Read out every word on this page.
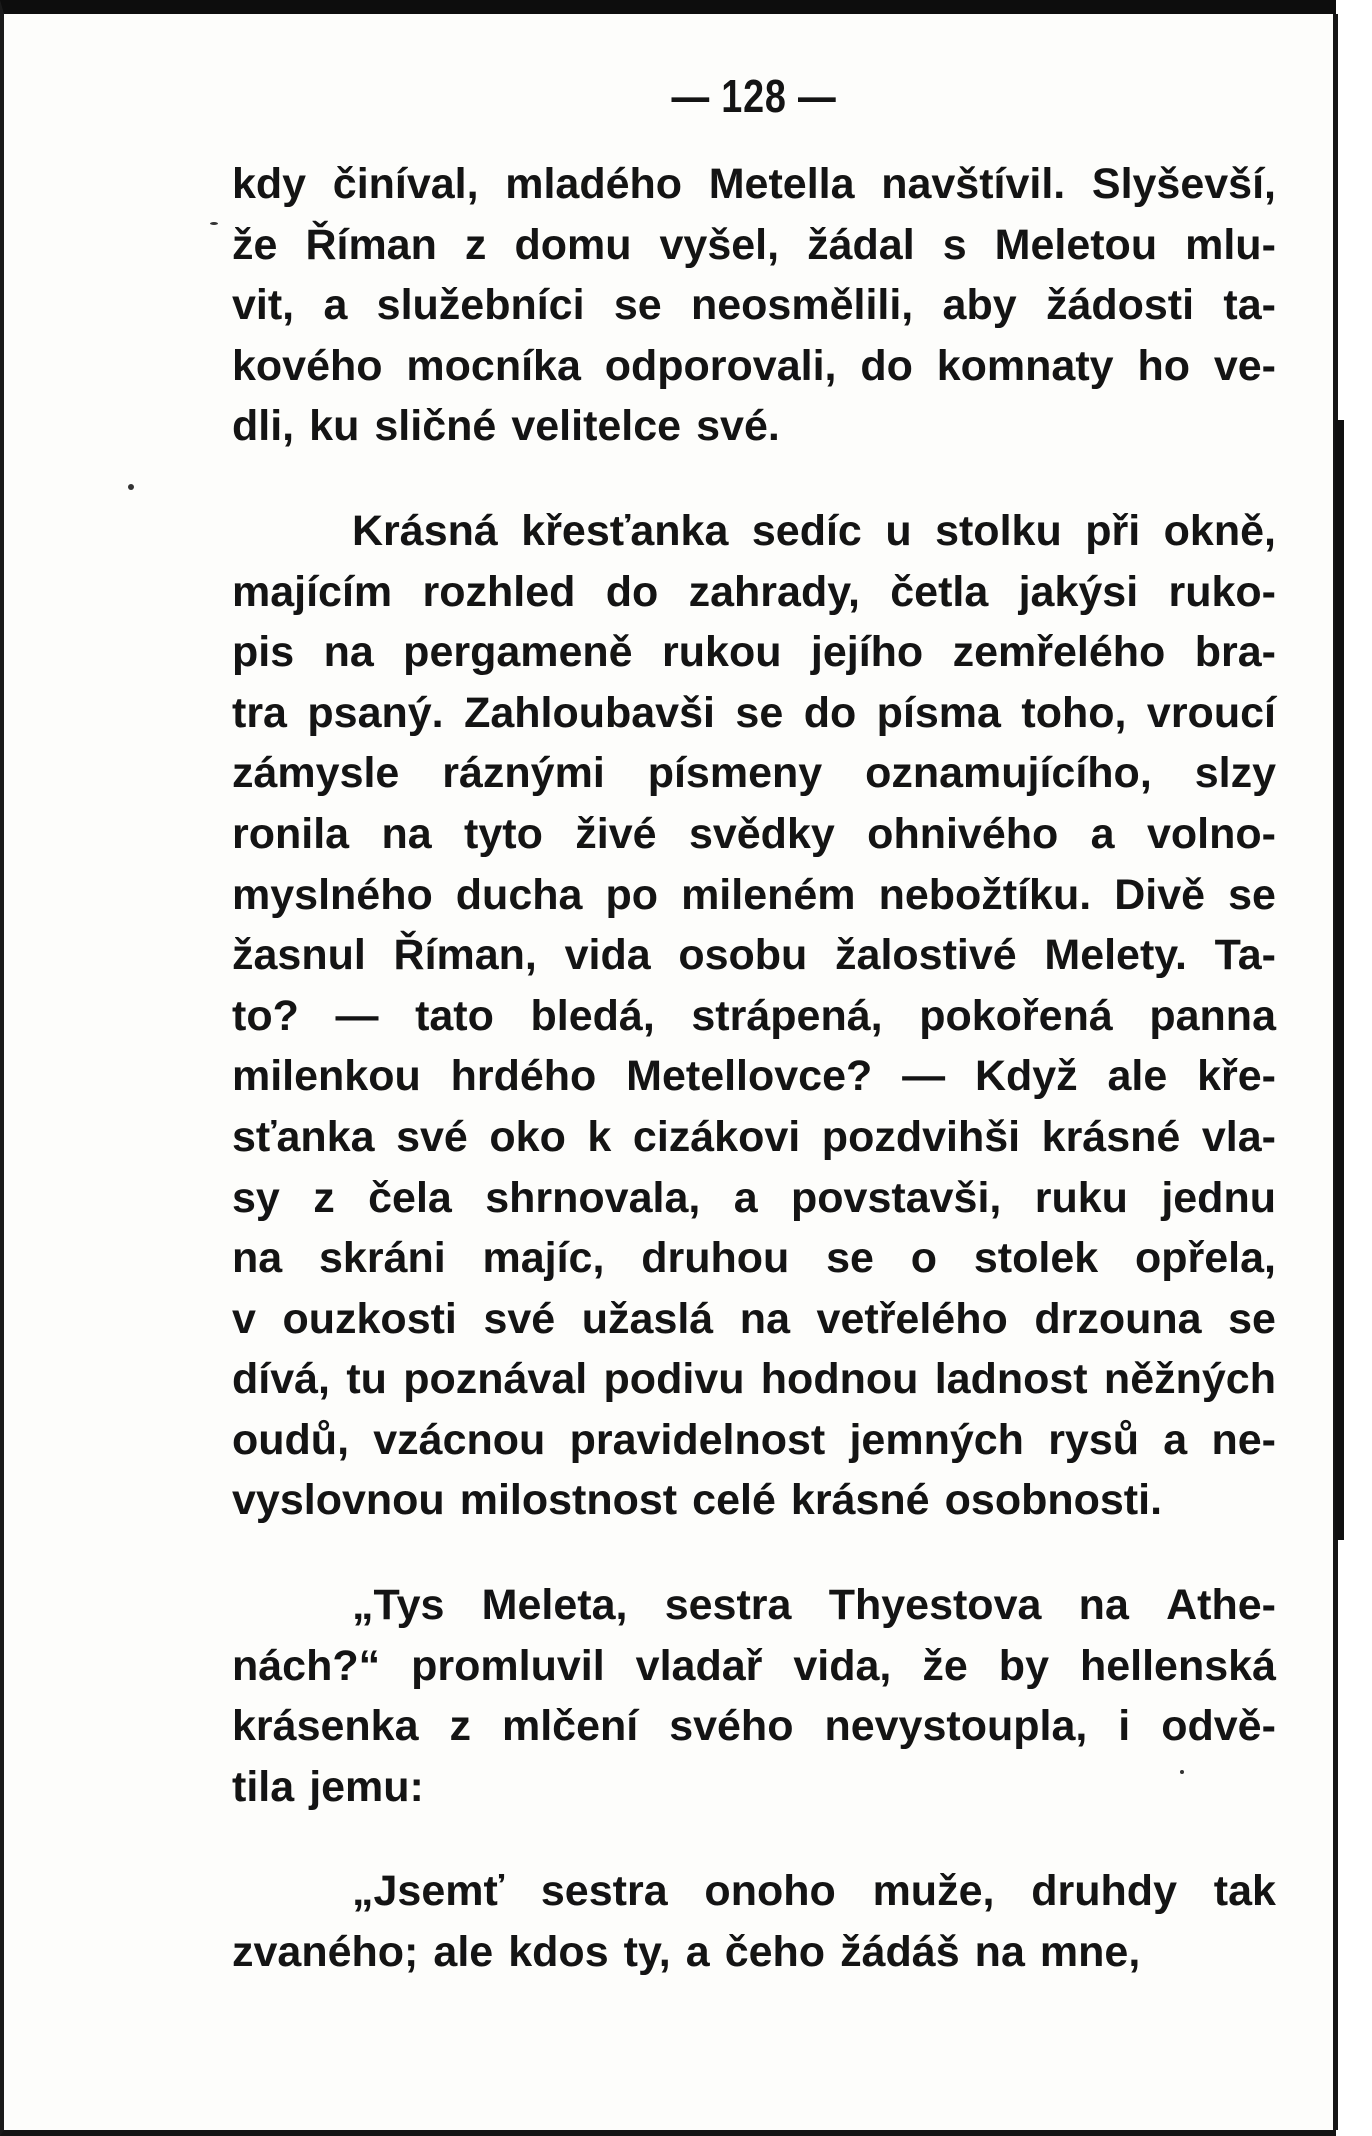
— 128 —
kdy činíval, mladého Metella navštívil. Slyševší,
že Říman z domu vyšel, žádal s Meletou mlu-
vit, a služebníci se neosmělili, aby žádosti ta-
kového mocníka odporovali, do komnaty ho ve-
dli, ku sličné velitelce své.
Krásná křesťanka sedíc u stolku při okně,
majícím rozhled do zahrady, četla jakýsi ruko-
pis na pergameně rukou jejího zemřelého bra-
tra psaný. Zahloubavši se do písma toho, vroucí
zámysle ráznými písmeny oznamujícího, slzy
ronila na tyto živé svědky ohnivého a volno-
myslného ducha po mileném nebožtíku. Divě se
žasnul Říman, vida osobu žalostivé Melety. Ta-
to? — tato bledá, strápená, pokořená panna
milenkou hrdého Metellovce? — Když ale kře-
sťanka své oko k cizákovi pozdvihši krásné vla-
sy z čela shrnovala, a povstavši, ruku jednu
na skráni majíc, druhou se o stolek opřela,
v ouzkosti své užaslá na vetřelého drzouna se
dívá, tu poznával podivu hodnou ladnost něžných
oudů, vzácnou pravidelnost jemných rysů a ne-
vyslovnou milostnost celé krásné osobnosti.
„Tys Meleta, sestra Thyestova na Athe-
nách?“ promluvil vladař vida, že by hellenská
krásenka z mlčení svého nevystoupla, i odvě-
tila jemu:
„Jsemť sestra onoho muže, druhdy tak
zvaného; ale kdos ty, a čeho žádáš na mne,
